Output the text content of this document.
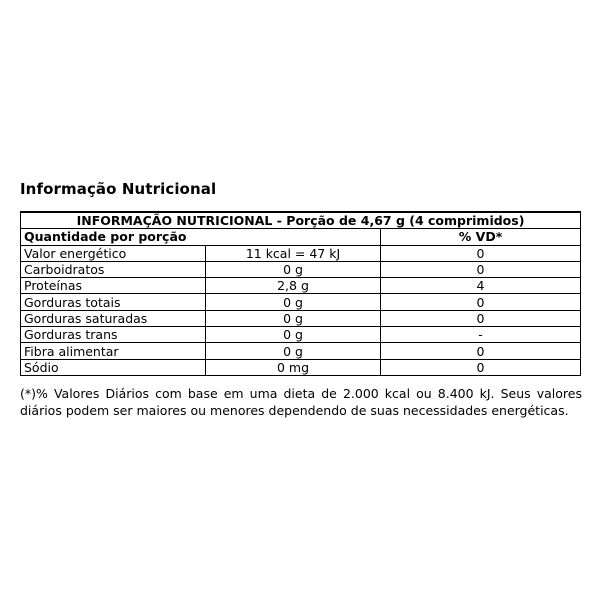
Informação Nutricional
INFORMAÇÃO NUTRICIONAL - Porção de 4,67 g (4 comprimidos)		
Quantidade por porção		% VD*
Valor energético	11 kcal = 47 kJ	0
Carboidratos	0 g	0
Proteínas	2,8 g	4
Gorduras totais	0 g	0
Gorduras saturadas	0 g	0
Gorduras trans	0 g	-
Fibra alimentar	0 g	0
Sódio	0 mg	0
(*)% Valores Diários com base em uma dieta de 2.000 kcal ou 8.400 kJ. Seus valores diários podem ser maiores ou menores dependendo de suas necessidades energéticas.
